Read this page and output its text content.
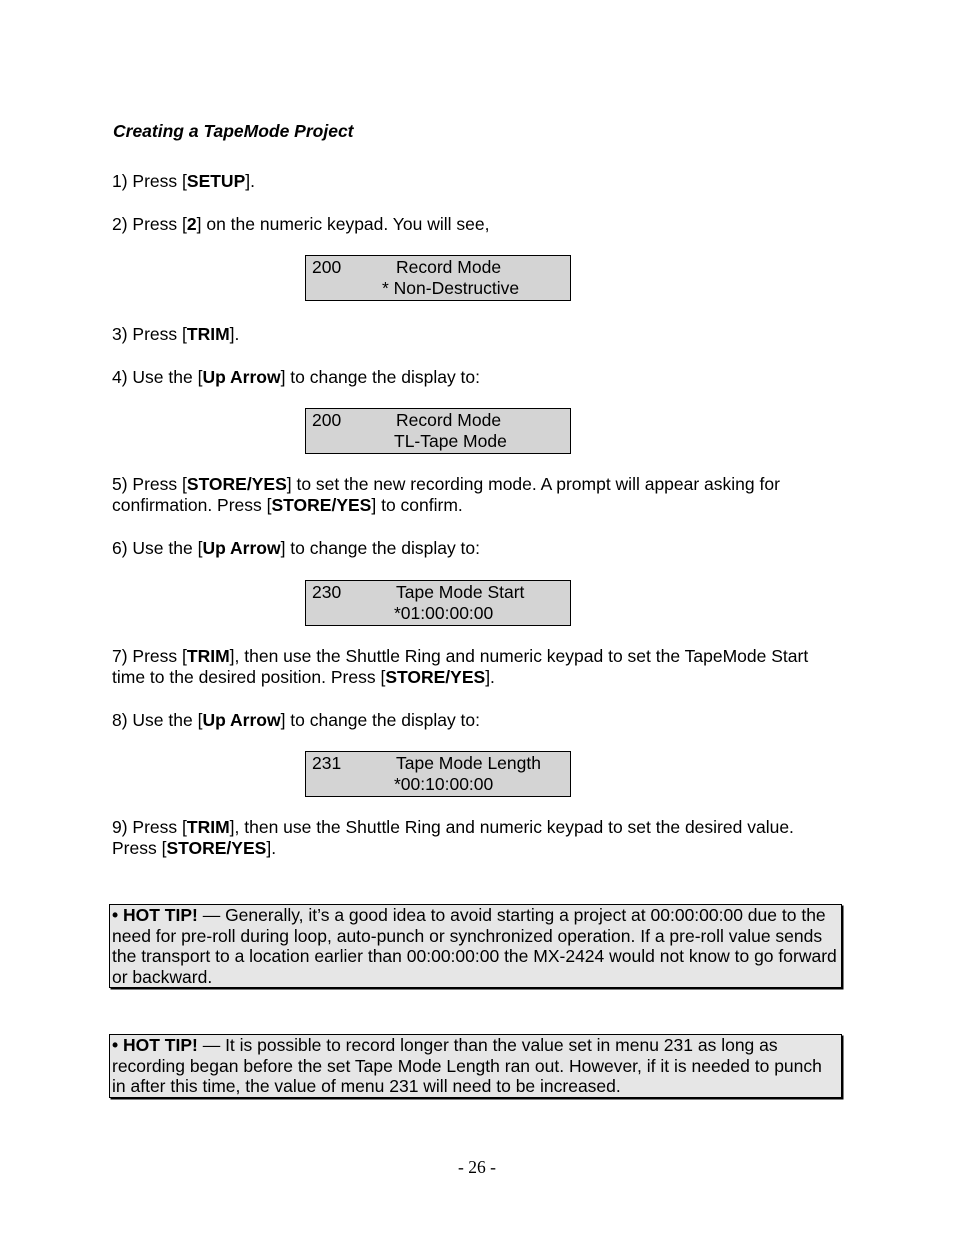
Creating a TapeMode Project
1) Press [SETUP].
2) Press [2] on the numeric keypad. You will see,
200	Record Mode
* Non-Destructive
3) Press [TRIM].
4) Use the [Up Arrow] to change the display to:
200	Record Mode
TL-Tape Mode
5) Press [STORE/YES] to set the new recording mode. A prompt will appear asking for confirmation. Press [STORE/YES] to confirm.
6) Use the [Up Arrow] to change the display to:
230	Tape Mode Start
*01:00:00:00
7) Press [TRIM], then use the Shuttle Ring and numeric keypad to set the TapeMode Start time to the desired position. Press [STORE/YES].
8) Use the [Up Arrow] to change the display to:
231	Tape Mode Length
*00:10:00:00
9) Press [TRIM], then use the Shuttle Ring and numeric keypad to set the desired value. Press [STORE/YES].
• HOT TIP! — Generally, it’s a good idea to avoid starting a project at 00:00:00:00 due to the need for pre-roll during loop, auto-punch or synchronized operation. If a pre-roll value sends the transport to a location earlier than 00:00:00:00 the MX-2424 would not know to go forward or backward.
• HOT TIP! — It is possible to record longer than the value set in menu 231 as long as recording began before the set Tape Mode Length ran out. However, if it is needed to punch in after this time, the value of menu 231 will need to be increased.
- 26 -
